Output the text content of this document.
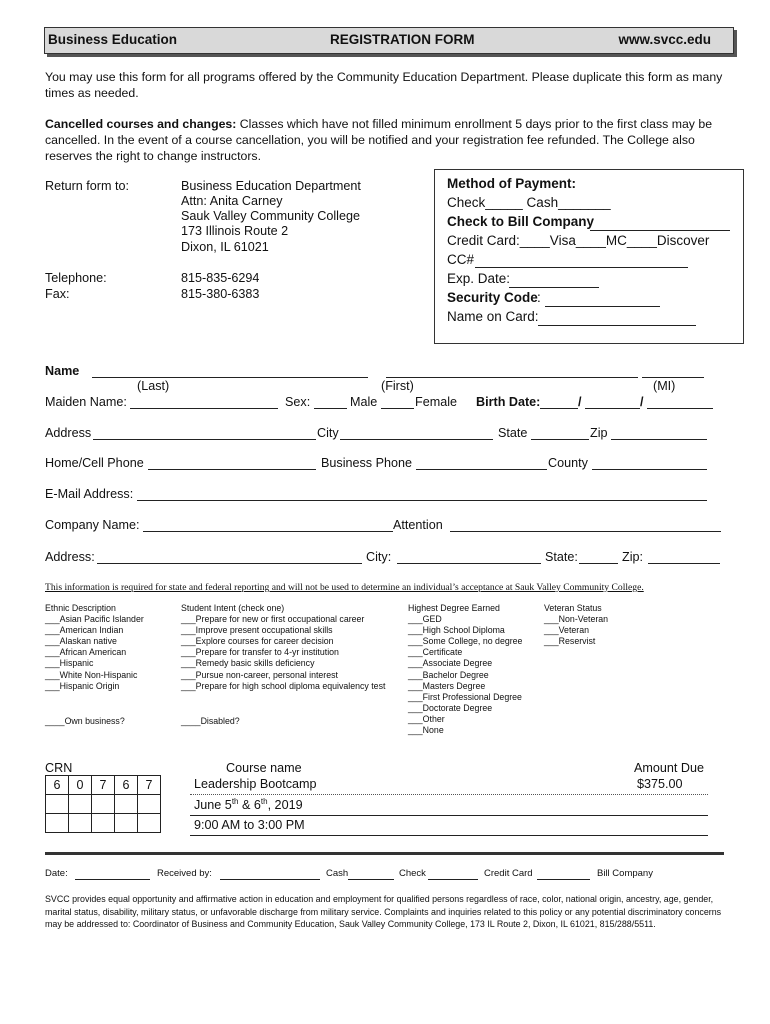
Business Education	REGISTRATION FORM	www.svcc.edu
You may use this form for all programs offered by the Community Education Department. Please duplicate this form as many times as needed.
Cancelled courses and changes: Classes which have not filled minimum enrollment 5 days prior to the first class may be cancelled. In the event of a course cancellation, you will be notified and your registration fee refunded. The College also reserves the right to change instructors.
Return form to:	Business Education Department
Attn: Anita Carney
Sauk Valley Community College
173 Illinois Route 2
Dixon, IL 61021
Telephone:	815-835-6294
Fax:	815-380-6383
Method of Payment:
Check_____ Cash_______
Check to Bill Company
Credit Card:____Visa____MC____Discover
CC#
Exp. Date:
Security Code :
Name on Card:
Name
(Last)	(First)	(MI)
Maiden Name:	Sex:	Male	Female Birth Date:	/	/
Address	City	State	Zip
Home/Cell Phone	Business Phone	County
E-Mail Address:
Company Name:	Attention
Address:	City:	State:	Zip:
This information is required for state and federal reporting and will not be used to determine an individual’s acceptance at Sauk Valley Community College.
Ethnic Description
___Asian Pacific Islander
___American Indian
___Alaskan native
___African American
___Hispanic
___White Non-Hispanic
___Hispanic Origin
____Own business?
Student Intent (check one)
___Prepare for new or first occupational career
___Improve present occupational skills
___Explore courses for career decision
___Prepare for transfer to 4-yr institution
___Remedy basic skills deficiency
___Pursue non-career, personal interest
___Prepare for high school diploma equivalency test
____Disabled?
Highest Degree Earned
___GED
___High School Diploma
___Some College, no degree
___Certificate
___Associate Degree
___Bachelor Degree
___Masters Degree
___First Professional Degree
___Doctorate Degree
___Other
___None
Veteran Status
___Non-Veteran
___Veteran
___Reservist
CRN	Course name	Amount Due
6	0	7	6	7

					Leadership Bootcamp	$375.00
June 5th & 6th, 2019
9:00 AM to 3:00 PM
Date:	Received by:	Cash	Check	Credit Card	Bill Company
SVCC provides equal opportunity and affirmative action in education and employment for qualified persons regardless of race, color, national origin, ancestry, age, gender, marital status, disability, military status, or unfavorable discharge from military service. Complaints and inquiries related to this policy or any potential discriminatory concerns may be addressed to: Coordinator of Business and Community Education, Sauk Valley Community College, 173 IL Route 2, Dixon, IL 61021, 815/288/5511.
